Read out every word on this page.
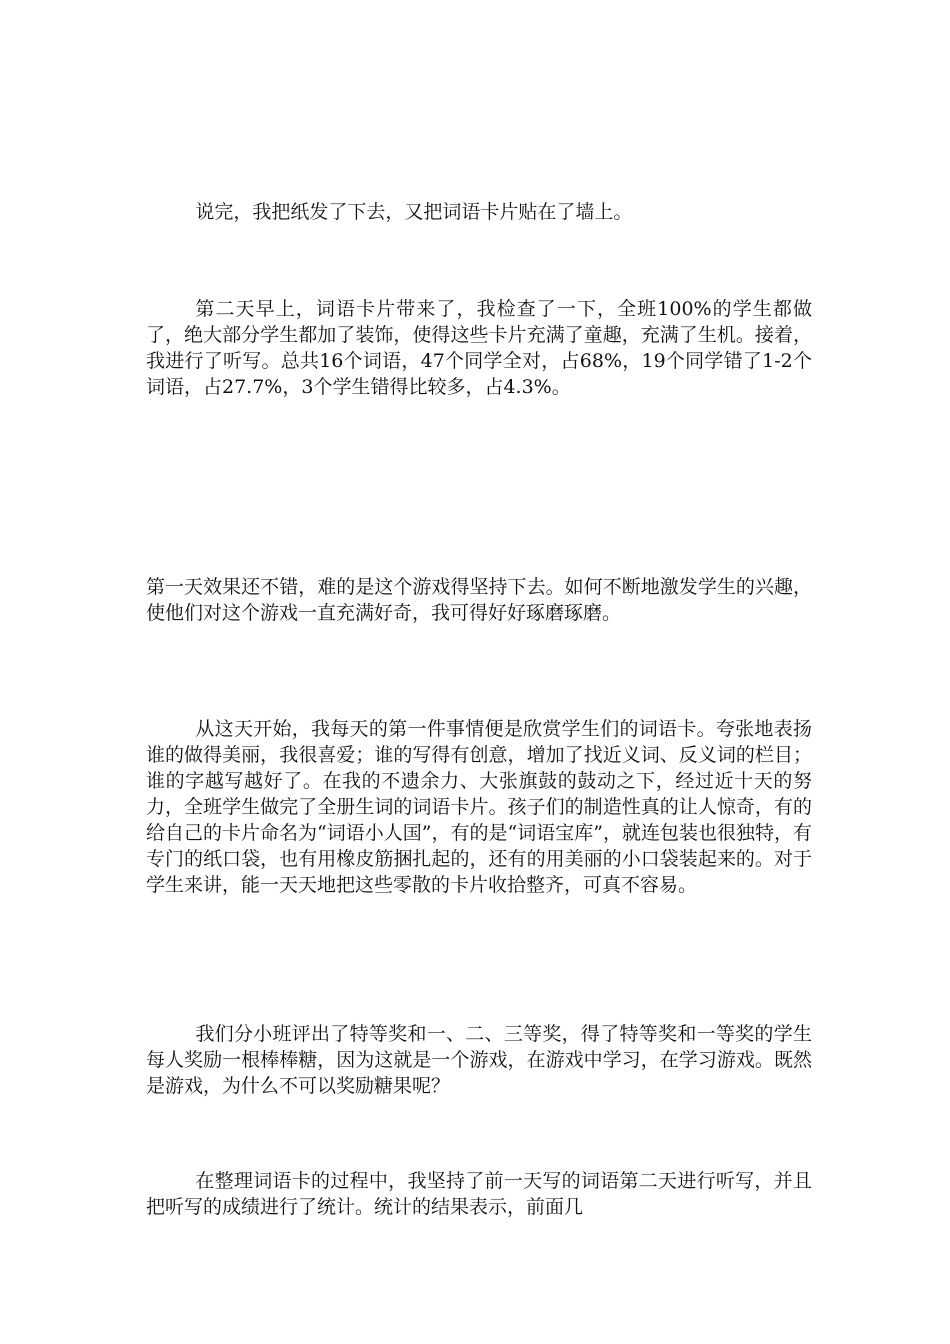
说完，我把纸发了下去，又把词语卡片贴在了墙上。

第二天早上，词语卡片带来了，我检查了一下，全班100%的学生都做了，绝大部分学生都加了装饰，使得这些卡片充满了童趣，充满了生机。接着，我进行了听写。总共16个词语，47个同学全对，占68%，19个同学错了1-2个词语，占27.7%，3个学生错得比较多，占4.3%。

第一天效果还不错，难的是这个游戏得坚持下去。如何不断地激发学生的兴趣，使他们对这个游戏一直充满好奇，我可得好好琢磨琢磨。

从这天开始，我每天的第一件事情便是欣赏学生们的词语卡。夸张地表扬谁的做得美丽，我很喜爱；谁的写得有创意，增加了找近义词、反义词的栏目；谁的字越写越好了。在我的不遗余力、大张旗鼓的鼓动之下，经过近十天的努力，全班学生做完了全册生词的词语卡片。孩子们的制造性真的让人惊奇，有的给自己的卡片命名为“词语小人国”，有的是“词语宝库”，就连包装也很独特，有专门的纸口袋，也有用橡皮筋捆扎起的，还有的用美丽的小口袋装起来的。对于学生来讲，能一天天地把这些零散的卡片收拾整齐，可真不容易。

我们分小班评出了特等奖和一、二、三等奖，得了特等奖和一等奖的学生每人奖励一根棒棒糖，因为这就是一个游戏，在游戏中学习，在学习游戏。既然是游戏，为什么不可以奖励糖果呢？

在整理词语卡的过程中，我坚持了前一天写的词语第二天进行听写，并且把听写的成绩进行了统计。统计的结果表示，前面几
